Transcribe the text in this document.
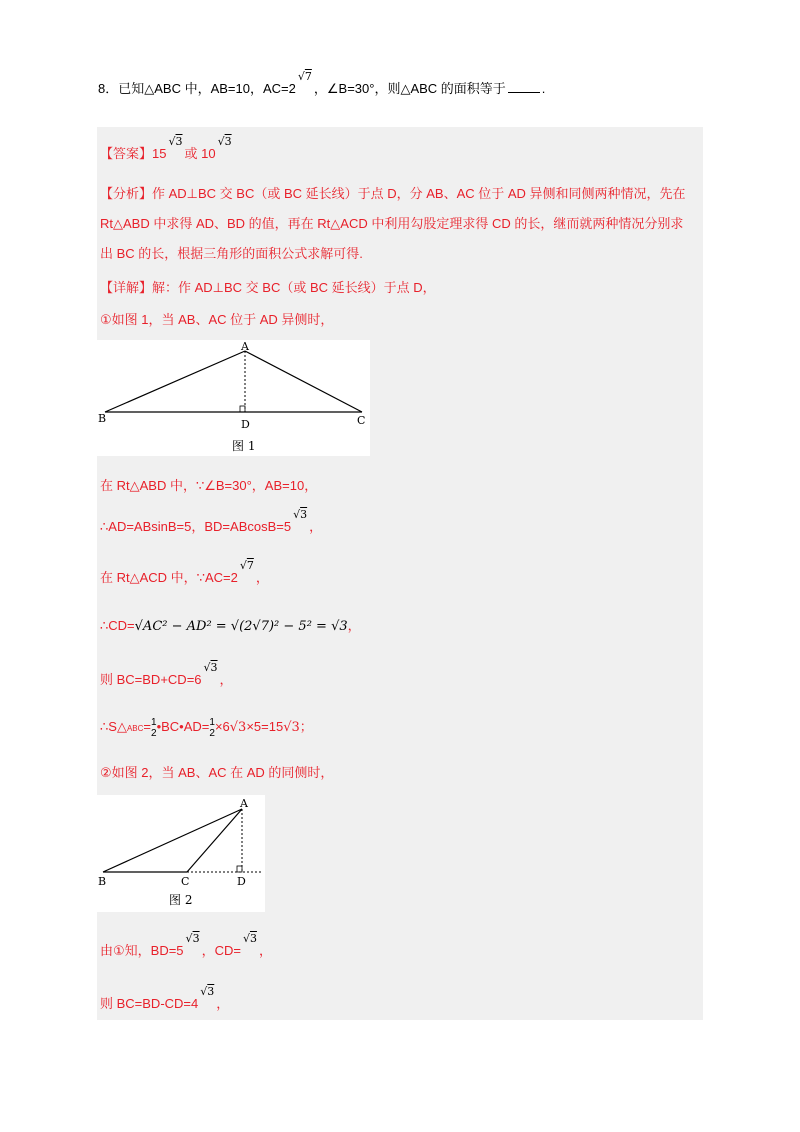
8．已知△ABC 中，AB=10，$AC=2^{√7}$，∠B=30°，则△ABC 的面积等于	.
【答案】$15^{√3}$或 $10^{√3}$
【分析】作 AD⊥BC 交 BC（或 BC 延长线）于点 D，分 AB、AC 位于 AD 异侧和同侧两种情况，先在
Rt△ABD 中求得 AD、BD 的值，再在 Rt△ACD 中利用勾股定理求得 CD 的长，继而就两种情况分别求
出 BC 的长，根据三角形的面积公式求解可得.
【详解】解：作 AD⊥BC 交 BC（或 BC 延长线）于点 D，
①如图 1，当 AB、AC 位于 AD 异侧时，
A
B	C
D
图 1
在 Rt△ABD 中，∵∠B=30°，AB=10，
∴AD=ABsinB=5，$BD=ABcosB=5^{√3}$，
在 Rt△ACD 中，$\because AC=2^{√7}$，
∴CD=√AC² − AD² = √(2√7)² − 5² = √3，
则 $BC=BD+CD=6^{√3}$，
∴S△ABC= 1
2 •BC•AD= 1
2 ×6√3×5=15√3；
②如图 2，当 AB、AC 在 AD 的同侧时，
A
B	C	D
图 2
由①知，$BD=5^{√3}$，CD=$^{√3}$，
则 $BC=BD-CD=4^{√3}$，
